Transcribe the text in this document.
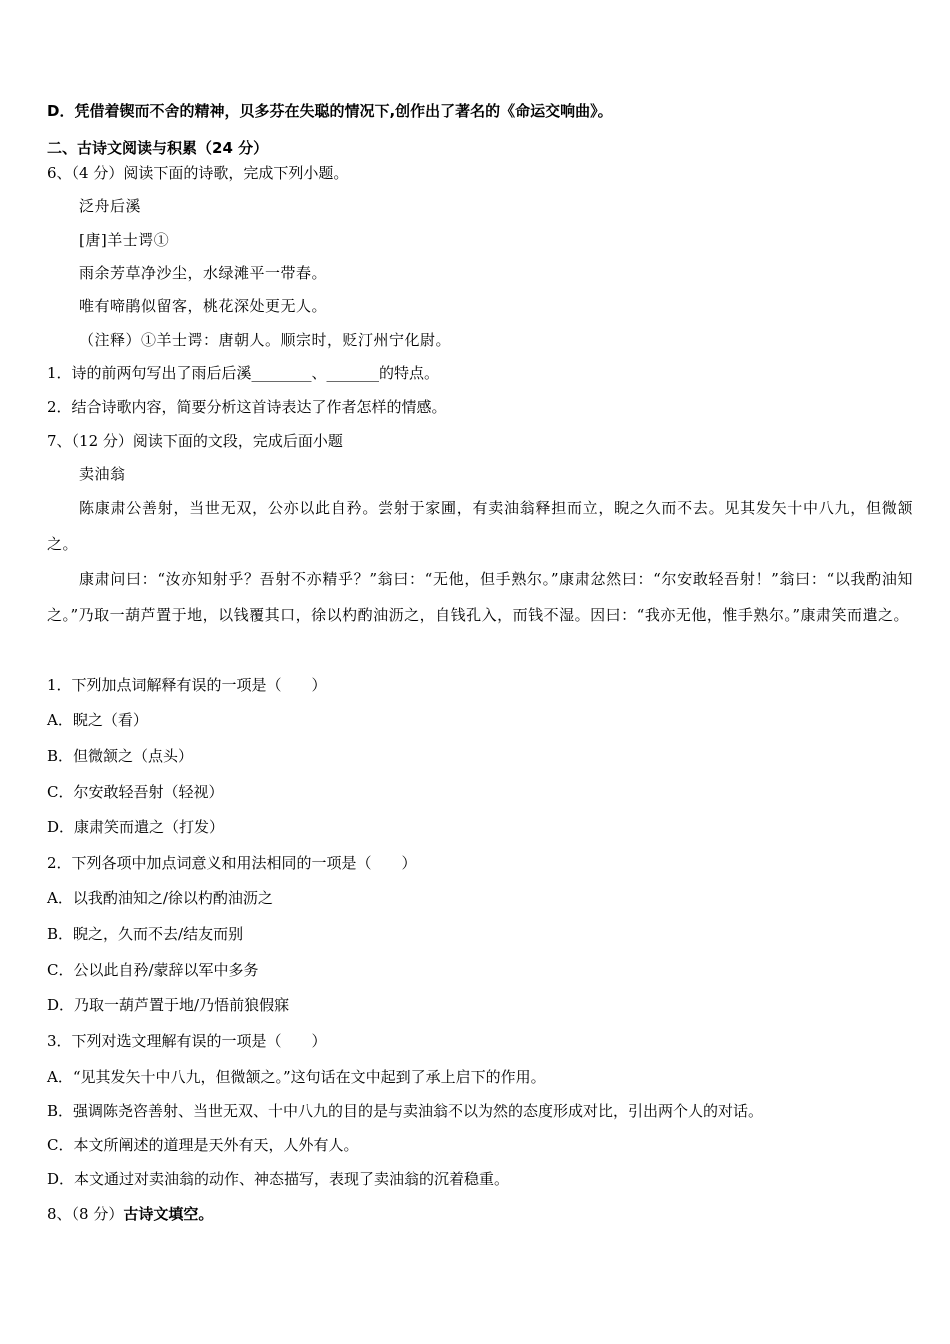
D．凭借着锲而不舍的精神，贝多芬在失聪的情况下,创作出了著名的《命运交响曲》。
二、古诗文阅读与积累（24 分）
6、（4 分）阅读下面的诗歌，完成下列小题。
泛舟后溪
[唐]羊士谔①
雨余芳草净沙尘，水绿滩平一带春。
唯有啼鹃似留客，桃花深处更无人。
（注释）①羊士谔：唐朝人。顺宗时，贬汀州宁化尉。
1．诗的前两句写出了雨后后溪________、_______的特点。
2．结合诗歌内容，简要分析这首诗表达了作者怎样的情感。
7、（12 分）阅读下面的文段，完成后面小题
卖油翁
陈康肃公善射，当世无双，公亦以此自矜。尝射于家圃，有卖油翁释担而立，睨之久而不去。见其发矢十中八九，但微颔之。
康肃问曰：“汝亦知射乎？吾射不亦精乎？”翁曰：“无他，但手熟尔。”康肃忿然曰：“尔安敢轻吾射！”翁曰：“以我酌油知之。”乃取一葫芦置于地，以钱覆其口，徐以杓酌油沥之，自钱孔入，而钱不湿。因曰：“我亦无他，惟手熟尔。”康肃笑而遣之。
1．下列加点词解释有误的一项是（　　）
A．睨之（看）
B．但微颔之（点头）
C．尔安敢轻吾射（轻视）
D．康肃笑而遣之（打发）
2．下列各项中加点词意义和用法相同的一项是（　　）
A．以我酌油知之/徐以杓酌油沥之
B．睨之，久而不去/结友而别
C．公以此自矜/蒙辞以军中多务
D．乃取一葫芦置于地/乃悟前狼假寐
3．下列对选文理解有误的一项是（　　）
A．“见其发矢十中八九，但微颔之。”这句话在文中起到了承上启下的作用。
B．强调陈尧咨善射、当世无双、十中八九的目的是与卖油翁不以为然的态度形成对比，引出两个人的对话。
C．本文所阐述的道理是天外有天，人外有人。
D．本文通过对卖油翁的动作、神态描写，表现了卖油翁的沉着稳重。
8、（8 分）古诗文填空。
